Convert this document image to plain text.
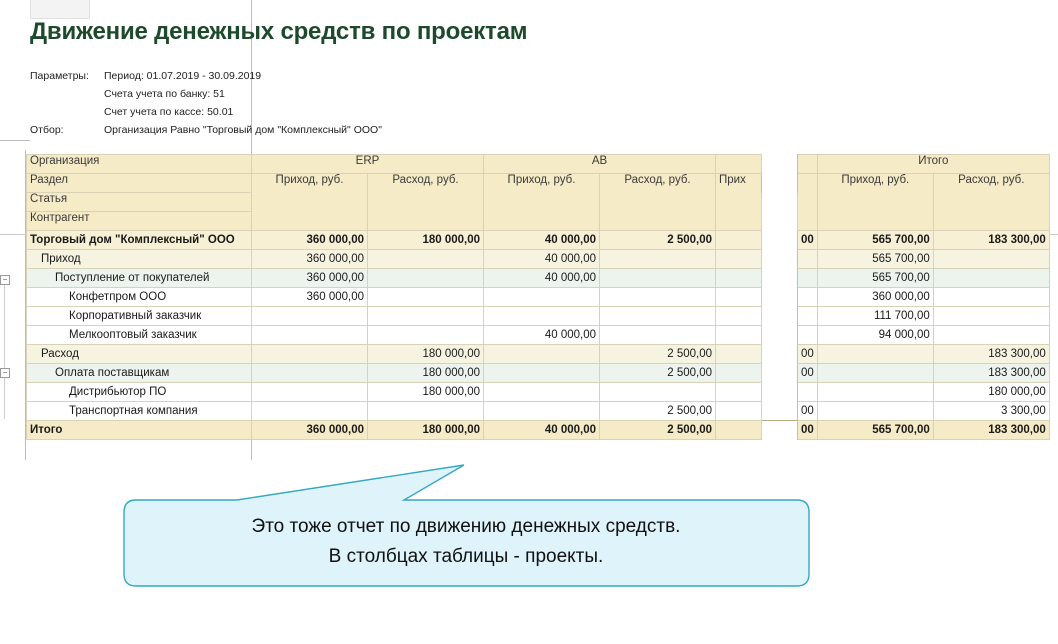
Движение денежных средств по проектам
Параметры: Период: 01.07.2019 - 30.09.2019
Счета учета по банку: 51
Счет учета по кассе: 50.01
Отбор:	Организация Равно "Торговый дом "Комплексный" ООО"
Организация	ERP		АВ					Итого	
Раздел	Приход, руб.	Расход, руб.	Приход, руб.	Расход, руб.	Прих			Приход, руб.	Расход, руб.
Статья									
Контрагент									
Торговый дом "Комплексный" ООО	360 000,00	180 000,00	40 000,00	2 500,00			00	565 700,00	183 300,00
Приход	360 000,00		40 000,00					565 700,00	
Поступление от покупателей	360 000,00		40 000,00					565 700,00	
Конфетпром ООО	360 000,00							360 000,00	
Корпоративный заказчик								111 700,00	
Мелкооптовый заказчик			40 000,00					94 000,00	
Расход		180 000,00		2 500,00			00		183 300,00
Оплата поставщикам		180 000,00		2 500,00			00		183 300,00
Дистрибьютор ПО		180 000,00							180 000,00
Транспортная компания				2 500,00			00		3 300,00
Итого	360 000,00	180 000,00	40 000,00	2 500,00			00	565 700,00	183 300,00
−
−
Это тоже отчет по движению денежных средств.
В столбцах таблицы - проекты.
